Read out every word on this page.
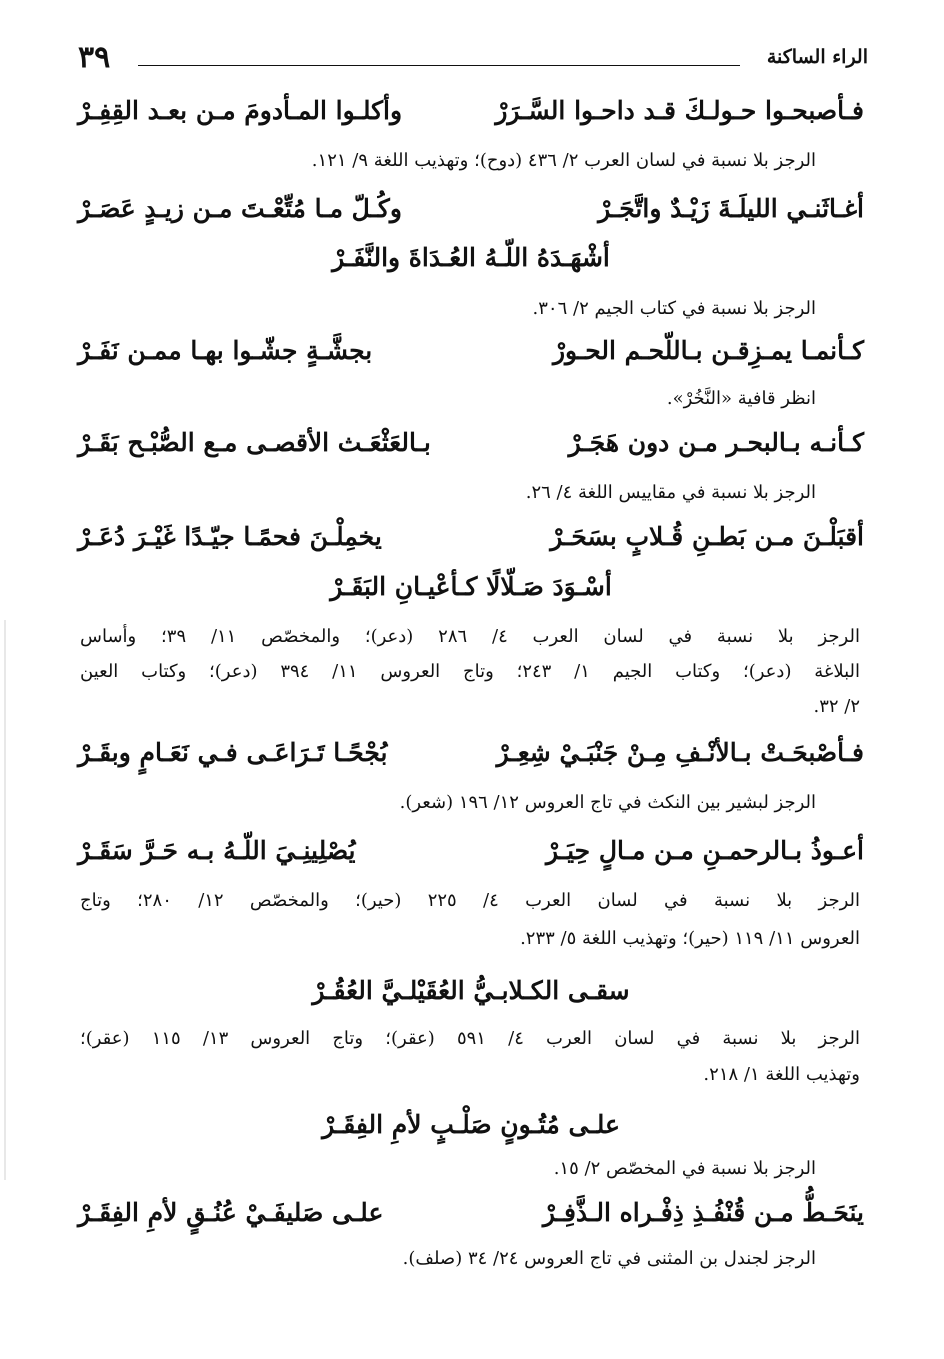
الراء الساكنة
٣٩
فـأصبحـوا حـولـكَ قـد داحـوا السَّـرَرْ
وأكلـوا المـأدومَ مـن بعـد القِفِـرْ
الرجز بلا نسبة في لسان العرب ٢/ ٤٣٦ (دوح)؛ وتهذيب اللغة ٩/ ١٢١.
أغـاثَنـي الليلَـةَ زَيْـدٌ واتَّجَـرْ
وكُـلّ مـا مُتِّعْـتَ مـن زيـدٍ عَصَـرْ
أشْهَـدَهُ اللّـهُ العُـدَاةَ والنَّفَـرْ
الرجز بلا نسبة في كتاب الجيم ٢/ ٣٠٦.
كـأنمـا يمـزِقـن بـاللّحـم الحـورْ
بجشَّـةٍ جشّـوا بهـا ممـن نَفَـرْ
انظر قافية «النَّخُرْ».
كـأنـه بـالبحـر مـن دون هَجَـرْ
بـالعَثْعَـث الأقصـى مـع الصُّبْـح بَقَـرْ
الرجز بلا نسبة في مقاييس اللغة ٤/ ٢٦.
أقبَلْـنَ مـن بَطـنِ قُـلابٍ بسَحَـرْ
يخمِلْـنَ فحمًـا جيّـدًا غَيْـرَ دُعَـرْ
أسْـوَدَ صَـلّالًا كـأعْيـانِ البَقَـرْ
الرجز بلا نسبة في لسان العرب ٤/ ٢٨٦ (دعر)؛ والمخصّص ١١/ ٣٩؛ وأساس
البلاغة (دعر)؛ وكتاب الجيم ١/ ٢٤٣؛ وتاج العروس ١١/ ٣٩٤ (دعر)؛ وكتاب العين
٢/ ٣٢.
فـأصْبحَـتْ بـالأنْـفِ مِـنْ جَنْبَـيْ شِعِـرْ
بُجْحًـا تَـرَاعَـى فـي نَعَـامٍ وبقَـرْ
الرجز لبشير بين النكث في تاج العروس ١٢/ ١٩٦ (شعر).
أعـوذُ بـالرحمـنِ مـن مـالٍ حِيَـرْ
يُصْلِينِـيَ اللّـهُ بـه حَـرَّ سَقَـرْ
الرجز بلا نسبة في لسان العرب ٤/ ٢٢٥ (حير)؛ والمخصّص ١٢/ ٢٨٠؛ وتاج
العروس ١١/ ١١٩ (حير)؛ وتهذيب اللغة ٥/ ٢٣٣.
سقـى الكـلابـيُّ العُقَيْلـيَّ العُقُـرْ
الرجز بلا نسبة في لسان العرب ٤/ ٥٩١ (عقر)؛ وتاج العروس ١٣/ ١١٥ (عقر)؛
وتهذيب اللغة ١/ ٢١٨.
علـى مُتُـونٍ صَلْـبٍ لأمِ الفِقَـرْ
الرجز بلا نسبة في المخصّص ٢/ ١٥.
ينَحَـطُّ مـن قُنْفُـذِ ذِفْـراه الـذَّفِـرْ
علـى صَليفَـيْ عُنُـقٍ لأمِ الفِقَـرْ
الرجز لجندل بن المثنى في تاج العروس ٢٤/ ٣٤ (صلف).
